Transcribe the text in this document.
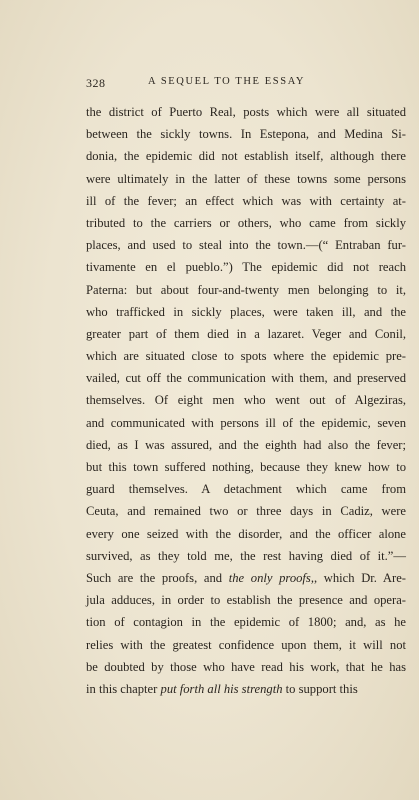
328	A SEQUEL TO THE ESSAY
the district of Puerto Real, posts which were all situated
between the sickly towns. In Estepona, and Medina Si-
donia, the epidemic did not establish itself, although there
were ultimately in the latter of these towns some persons
ill of the fever; an effect which was with certainty at-
tributed to the carriers or others, who came from sickly
places, and used to steal into the town.—(“ Entraban fur-
tivamente en el pueblo.”) The epidemic did not reach
Paterna: but about four-and-twenty men belonging to it,
who trafficked in sickly places, were taken ill, and the
greater part of them died in a lazaret. Veger and Conil,
which are situated close to spots where the epidemic pre-
vailed, cut off the communication with them, and preserved
themselves. Of eight men who went out of Algeziras,
and communicated with persons ill of the epidemic, seven
died, as I was assured, and the eighth had also the fever;
but this town suffered nothing, because they knew how to
guard themselves. A detachment which came from
Ceuta, and remained two or three days in Cadiz, were
every one seized with the disorder, and the officer alone
survived, as they told me, the rest having died of it.”—
Such are the proofs, and the only proofs,, which Dr. Are-
jula adduces, in order to establish the presence and opera-
tion of contagion in the epidemic of 1800; and, as he
relies with the greatest confidence upon them, it will not
be doubted by those who have read his work, that he has
in this chapter put forth all his strength to support this
